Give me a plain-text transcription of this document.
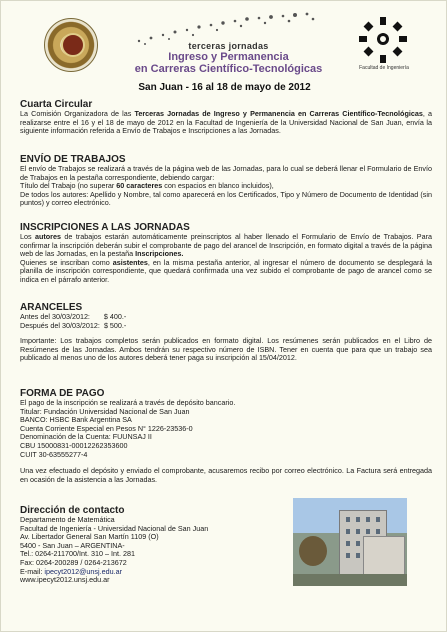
terceras jornadas
Ingreso y Permanencia
en Carreras Científico-Tecnológicas	Facultad de Ingeniería
San Juan - 16 al 18 de mayo de 2012
Cuarta Circular

La Comisión Organizadora de las Terceras Jornadas de Ingreso y Permanencia en Carreras Científico-Tecnológicas, a realizarse entre el 16 y el 18 de mayo de 2012 en la Facultad de Ingeniería de la Universidad Nacional de San Juan, envía la siguiente información referida a Envío de Trabajos e Inscripciones a las Jornadas.

ENVÍO DE TRABAJOS

El envío de Trabajos se realizará a través de la página web de las Jornadas, para lo cual se deberá llenar el Formulario de Envío de Trabajos en la pestaña correspondiente, debiendo cargar:

Título del Trabajo (no superar 60 caracteres con espacios en blanco incluidos),

De todos los autores: Apellido y Nombre, tal como aparecerá en los Certificados, Tipo y Número de Documento de Identidad (sin puntos) y correo electrónico.

INSCRIPCIONES A LAS JORNADAS

Los autores de trabajos estarán automáticamente preinscriptos al haber llenado el Formulario de Envío de Trabajos. Para confirmar la inscripción deberán subir el comprobante de pago del arancel de Inscripción, en formato digital a través de la página web de las Jornadas, en la pestaña Inscripciones.

Quienes se inscriban como asistentes, en la misma pestaña anterior, al ingresar el número de documento se desplegará la planilla de inscripción correspondiente, que quedará confirmada una vez subido el comprobante de pago de arancel como se indica en el párrafo anterior.

ARANCELES

Antes del 30/03/2012: $ 400.-

Después del 30/03/2012: $ 500.-

Importante: Los trabajos completos serán publicados en formato digital. Los resúmenes serán publicados en el Libro de Resúmenes de las Jornadas. Ambos tendrán su respectivo número de ISBN. Tener en cuenta que para que un trabajo sea publicado al menos uno de los autores deberá tener paga su inscripción al 15/04/2012.

FORMA DE PAGO

El pago de la inscripción se realizará a través de depósito bancario.

Titular: Fundación Universidad Nacional de San Juan

BANCO: HSBC Bank Argentina SA

Cuenta Corriente Especial en Pesos N° 1226-23536-0

Denominación de la Cuenta: FUUNSAJ II

CBU 15000831-00012262353600

CUIT 30-63555277-4

Una vez efectuado el depósito y enviado el comprobante, acusaremos recibo por correo electrónico. La Factura será entregada en ocasión de la asistencia a las Jornadas.

Dirección de contacto

Departamento de Matemática

Facultad de Ingeniería - Universidad Nacional de San Juan

Av. Libertador General San Martín 1109 (O)

5400 - San Juan – ARGENTINA-

Tel.: 0264-211700/Int. 310 – Int. 281

Fax: 0264-200289 / 0264-213672

E-mail: ipecyt2012@unsj.edu.ar

www.ipecyt2012.unsj.edu.ar
